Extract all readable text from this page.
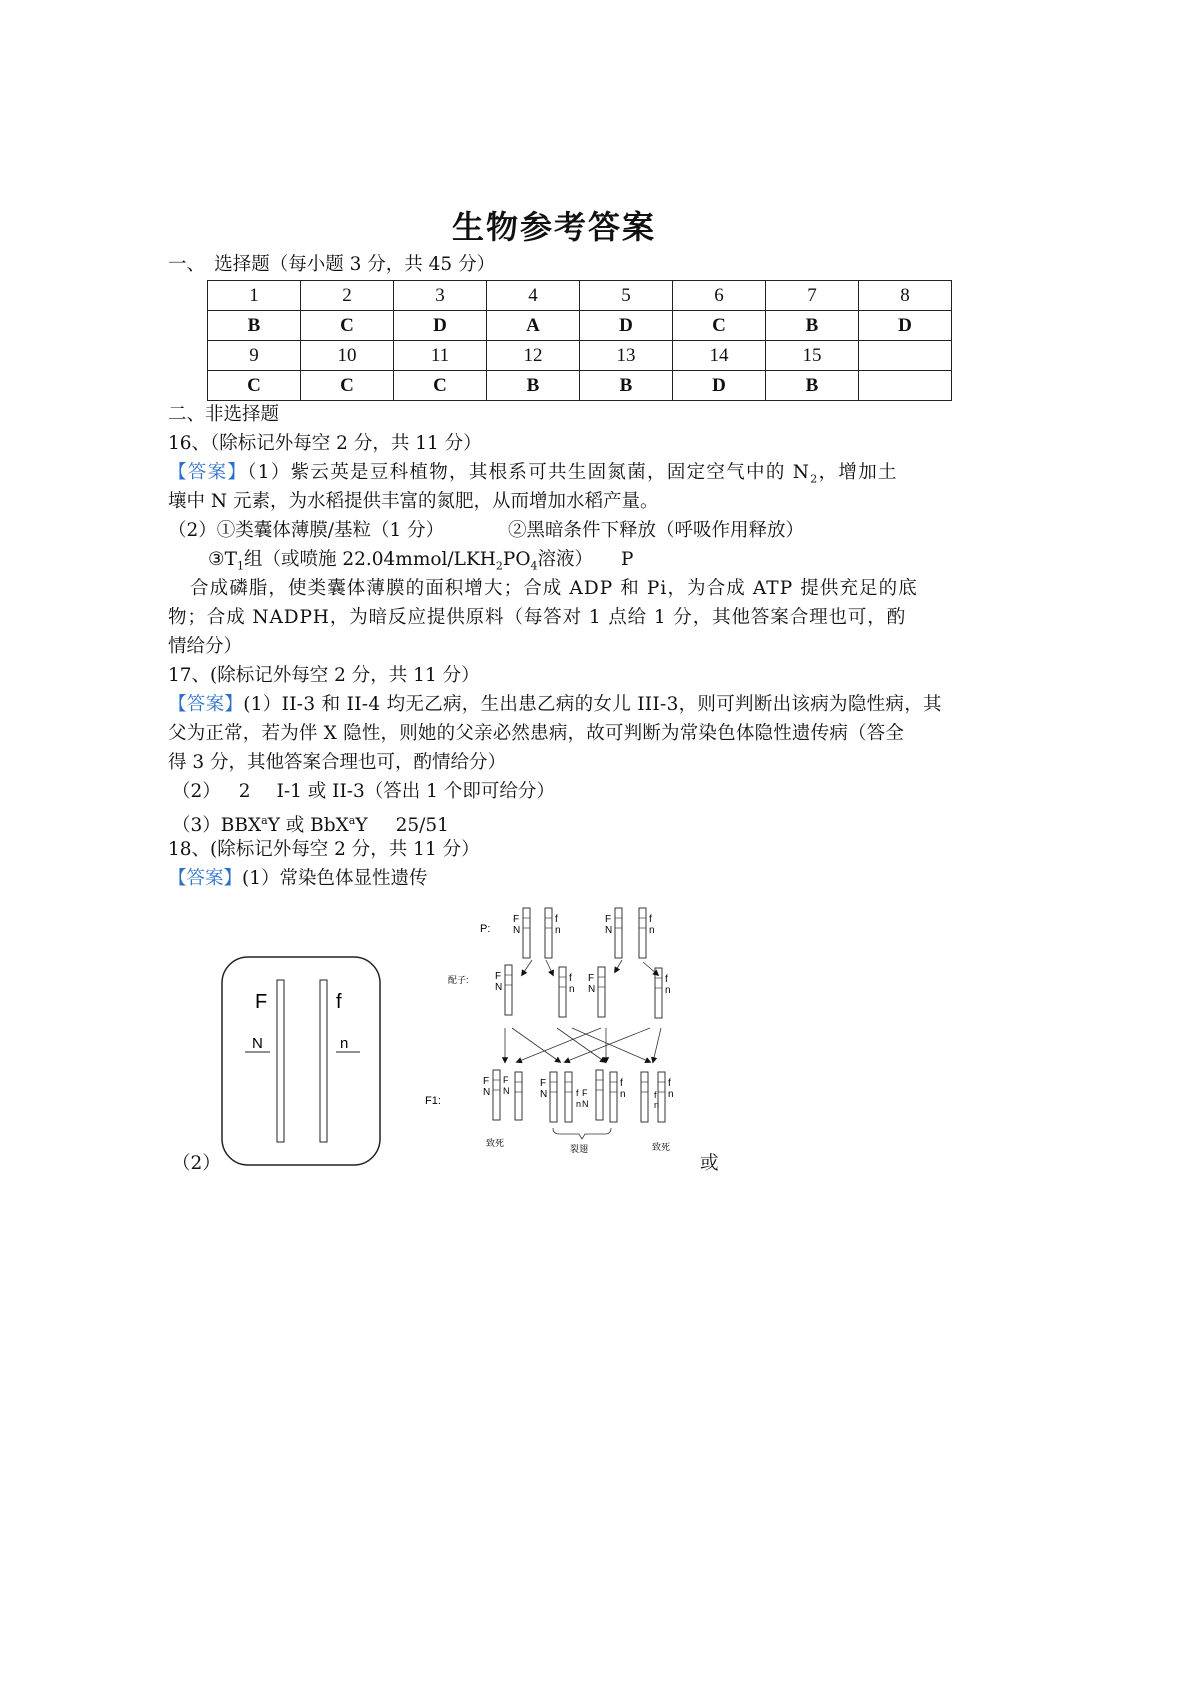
生物参考答案
一、　选择题（每小题 3 分，共 45 分）
1	2	3	4	5	6	7	8
B	C	D	A	D	C	B	D
9	10	11	12	13	14	15	
C	C	C	B	B	D	B	
二、非选择题
16、（除标记外每空 2 分，共 11 分）
【答案】（1）紫云英是豆科植物，其根系可共生固氮菌，固定空气中的 $N_2$，增加土
壤中 N 元素，为水稻提供丰富的氮肥，从而增加水稻产量。
（2）①类囊体薄膜/基粒（1 分）	②黑暗条件下释放（呼吸作用释放）
$③T_1$组（或喷施 $22.04mmol/LKH_2PO_4$溶液） P
合成磷脂，使类囊体薄膜的面积增大；合成 ADP 和 Pi，为合成 ATP 提供充足的底
物；合成 NADPH，为暗反应提供原料（每答对 1 点给 1 分，其他答案合理也可，酌
情给分）
17、(除标记外每空 2 分，共 11 分）
【答案】(1）II-3 和 II-4 均无乙病，生出患乙病的女儿 III-3，则可判断出该病为隐性病，其
父为正常，若为伴 X 隐性，则她的父亲必然患病，故可判断为常染色体隐性遗传病（答全
得 3 分，其他答案合理也可，酌情给分）
（2） 2 I-1 或 II-3（答出 1 个即可给分）
（3）BBX$^a$Y 或 BbX$^a$Y 25/51
18、(除标记外每空 2 分，共 11 分）
【答案】(1）常染色体显性遗传
（2）	或
F	f
N	n
P:
配子:
F1:
致死
裂翅	致死
F
N
f
n
F
N
f
n
F
N
f
n
F
N
f
n
F
N
F
N
f
n
f
n
F
N	f
n
F
N
f
n
